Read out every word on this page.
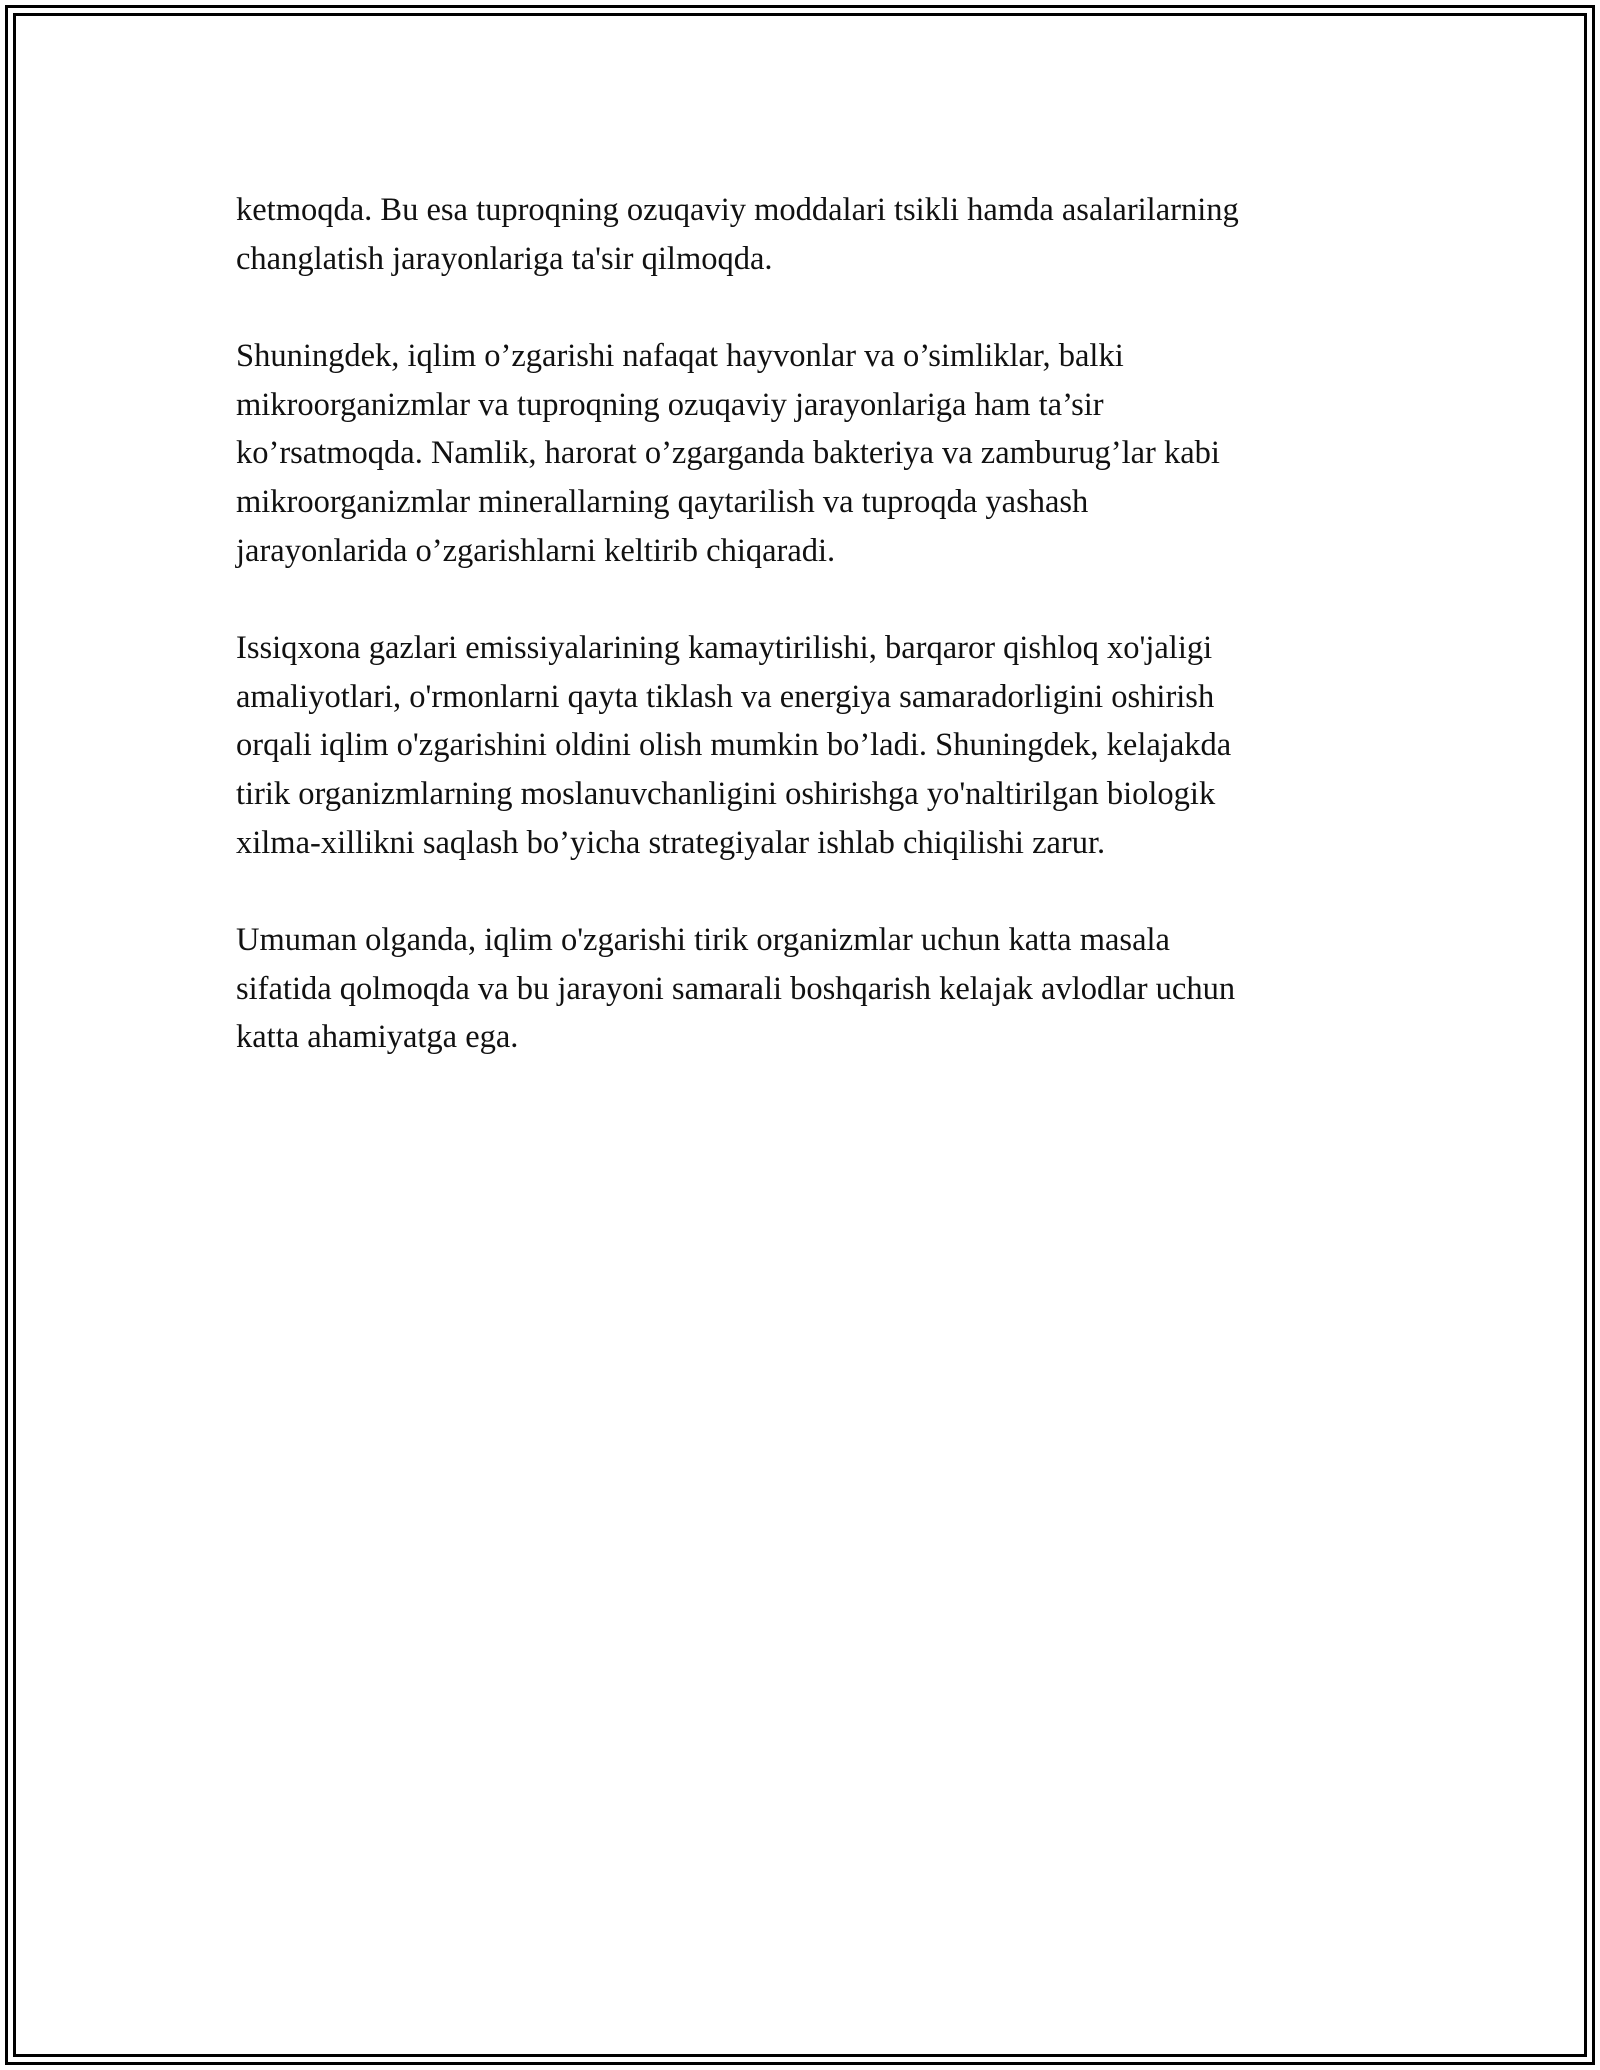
ketmoqda. Bu esa tuproqning ozuqaviy moddalari tsikli hamda asalarilarning
changlatish jarayonlariga ta'sir qilmoqda.

Shuningdek, iqlim o’zgarishi nafaqat hayvonlar va o’simliklar, balki
mikroorganizmlar va tuproqning ozuqaviy jarayonlariga ham ta’sir
ko’rsatmoqda. Namlik, harorat o’zgarganda bakteriya va zamburug’lar kabi
mikroorganizmlar minerallarning qaytarilish va tuproqda yashash
jarayonlarida o’zgarishlarni keltirib chiqaradi.

Issiqxona gazlari emissiyalarining kamaytirilishi, barqaror qishloq xo'jaligi
amaliyotlari, o'rmonlarni qayta tiklash va energiya samaradorligini oshirish
orqali iqlim o'zgarishini oldini olish mumkin bo’ladi. Shuningdek, kelajakda
tirik organizmlarning moslanuvchanligini oshirishga yo'naltirilgan biologik
xilma-xillikni saqlash bo’yicha strategiyalar ishlab chiqilishi zarur.

Umuman olganda, iqlim o'zgarishi tirik organizmlar uchun katta masala
sifatida qolmoqda va bu jarayoni samarali boshqarish kelajak avlodlar uchun
katta ahamiyatga ega.
